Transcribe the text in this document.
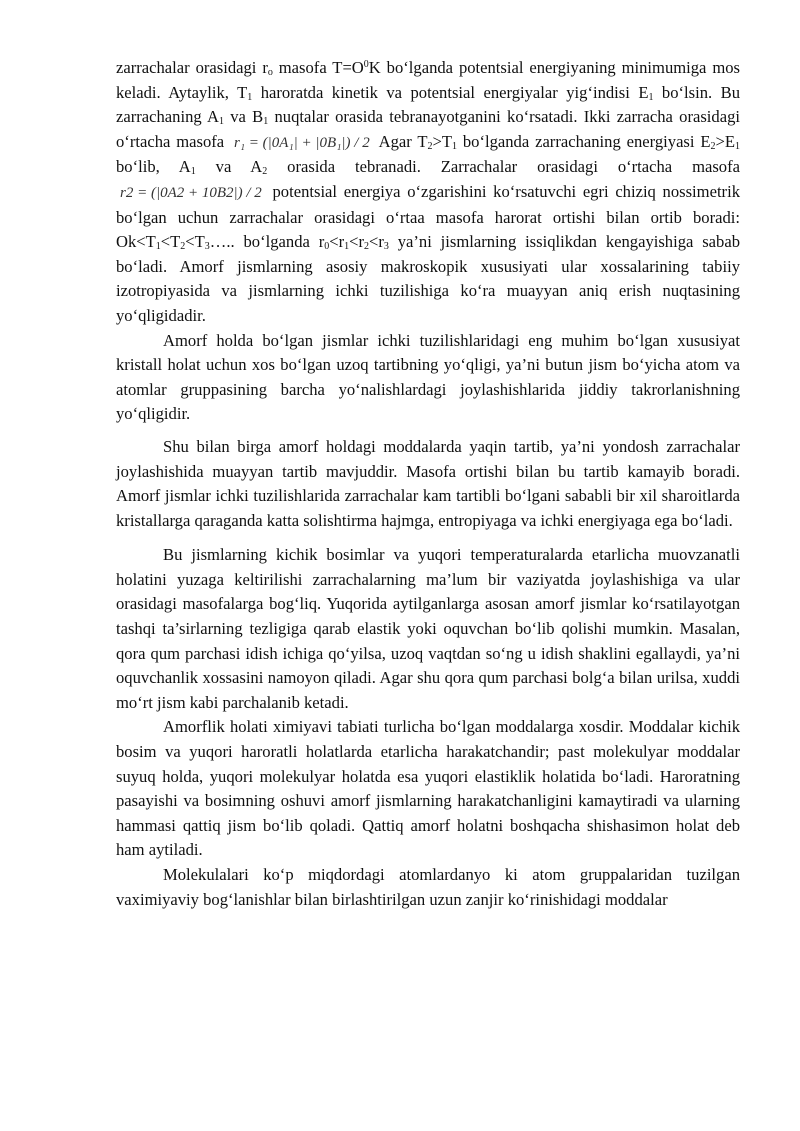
zarrachalar orasidagi $r_o$ masofa $T=O^0K$ bo‘lganda potentsial energiyaning minimumiga mos keladi. Aytaylik, $T_1$ haroratda kinetik va potentsial energiyalar yig‘indisi $E_1$ bo‘lsin. Bu zarrachaning $A_1$ va $B_1$ nuqtalar orasida tebranayotganini ko‘rsatadi. Ikki zarracha orasidagi o‘rtacha masofa r₁ = (|0A₁| + |0B₁|) / 2 Agar $T_2>T_1$ bo‘lganda zarrachaning energiyasi $E_2>E_1$ bo‘lib, $A_1$ va $A_2$ orasida tebranadi. Zarrachalar orasidagi o‘rtacha masofa r2 = (|0A2 + 10B2|) / 2 potentsial energiya o‘zgarishini ko‘rsatuvchi egri chiziq nossimetrik bo‘lgan uchun zarrachalar orasidagi o‘rtaa masofa harorat ortishi bilan ortib boradi: $Ok<T_1<T_2<T_3\dots$.. bo‘lganda $r_0<r_1<r_2<r_3$ ya’ni jismlarning issiqlikdan kengayishiga sabab bo‘ladi. Amorf jismlarning asosiy makroskopik xususiyati ular xossalarining tabiiy izotropiyasida va jismlarning ichki tuzilishiga ko‘ra muayyan aniq erish nuqtasining yo‘qligidadir.

Amorf holda bo‘lgan jismlar ichki tuzilishlaridagi eng muhim bo‘lgan xususiyat kristall holat uchun xos bo‘lgan uzoq tartibning yo‘qligi, ya’ni butun jism bo‘yicha atom va atomlar gruppasining barcha yo‘nalishlardagi joylashishlarida jiddiy takrorlanishning yo‘qligidir.

Shu bilan birga amorf holdagi moddalarda yaqin tartib, ya’ni yondosh zarrachalar joylashishida muayyan tartib mavjuddir. Masofa ortishi bilan bu tartib kamayib boradi. Amorf jismlar ichki tuzilishlarida zarrachalar kam tartibli bo‘lgani sababli bir xil sharoitlarda kristallarga qaraganda katta solishtirma hajmga, entropiyaga va ichki energiyaga ega bo‘ladi.

Bu jismlarning kichik bosimlar va yuqori temperaturalarda etarlicha muovzanatli holatini yuzaga keltirilishi zarrachalarning ma’lum bir vaziyatda joylashishiga va ular orasidagi masofalarga bog‘liq. Yuqorida aytilganlarga asosan amorf jismlar ko‘rsatilayotgan tashqi ta’sirlarning tezligiga qarab elastik yoki oquvchan bo‘lib qolishi mumkin. Masalan, qora qum parchasi idish ichiga qo‘yilsa, uzoq vaqtdan so‘ng u idish shaklini egallaydi, ya’ni oquvchanlik xossasini namoyon qiladi. Agar shu qora qum parchasi bolg‘a bilan urilsa, xuddi mo‘rt jism kabi parchalanib ketadi.

Amorflik holati ximiyavi tabiati turlicha bo‘lgan moddalarga xosdir. Moddalar kichik bosim va yuqori haroratli holatlarda etarlicha harakatchandir; past molekulyar moddalar suyuq holda, yuqori molekulyar holatda esa yuqori elastiklik holatida bo‘ladi. Haroratning pasayishi va bosimning oshuvi amorf jismlarning harakatchanligini kamaytiradi va ularning hammasi qattiq jism bo‘lib qoladi. Qattiq amorf holatni boshqacha shishasimon holat deb ham aytiladi.

Molekulalari ko‘p miqdordagi atomlardanyo ki atom gruppalaridan tuzilgan vaximiyaviy bog‘lanishlar bilan birlashtirilgan uzun zanjir ko‘rinishidagi moddalar
